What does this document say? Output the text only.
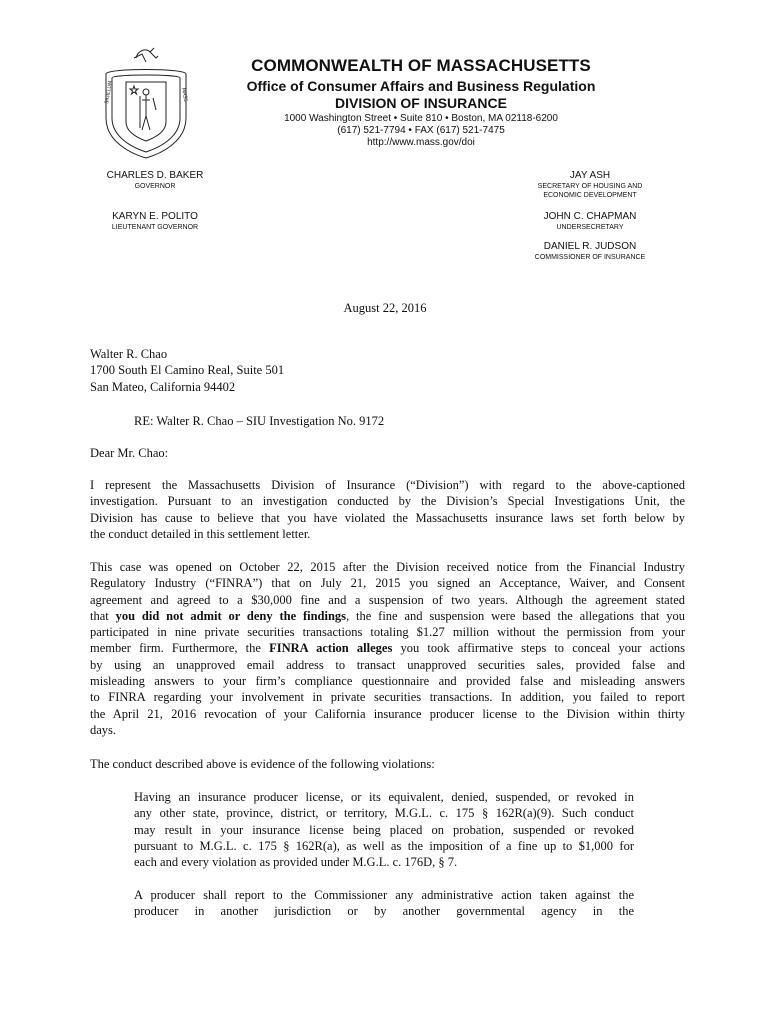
SIGILLUM	MASS
COMMONWEALTH OF MASSACHUSETTS
Office of Consumer Affairs and Business Regulation
DIVISION OF INSURANCE
1000 Washington Street • Suite 810 • Boston, MA 02118-6200
(617) 521-7794 • FAX (617) 521-7475
http://www.mass.gov/doi
CHARLES D. BAKER
GOVERNOR
KARYN E. POLITO
LIEUTENANT GOVERNOR
JAY ASH
SECRETARY OF HOUSING AND
ECONOMIC DEVELOPMENT
JOHN C. CHAPMAN
UNDERSECRETARY
DANIEL R. JUDSON
COMMISSIONER OF INSURANCE
August 22, 2016
Walter R. Chao
1700 South El Camino Real, Suite 501
San Mateo, California 94402
RE: Walter R. Chao – SIU Investigation No. 9172
Dear Mr. Chao:
I represent the Massachusetts Division of Insurance (“Division”) with regard to the above-captioned
investigation. Pursuant to an investigation conducted by the Division’s Special Investigations Unit, the
Division has cause to believe that you have violated the Massachusetts insurance laws set forth below by
the conduct detailed in this settlement letter.
This case was opened on October 22, 2015 after the Division received notice from the Financial Industry
Regulatory Industry (“FINRA”) that on July 21, 2015 you signed an Acceptance, Waiver, and Consent
agreement and agreed to a $30,000 fine and a suspension of two years. Although the agreement stated
that you did not admit or deny the findings, the fine and suspension were based the allegations that you
participated in nine private securities transactions totaling $1.27 million without the permission from your
member firm. Furthermore, the FINRA action alleges you took affirmative steps to conceal your actions
by using an unapproved email address to transact unapproved securities sales, provided false and
misleading answers to your firm’s compliance questionnaire and provided false and misleading answers
to FINRA regarding your involvement in private securities transactions. In addition, you failed to report
the April 21, 2016 revocation of your California insurance producer license to the Division within thirty
days.
The conduct described above is evidence of the following violations:
Having an insurance producer license, or its equivalent, denied, suspended, or revoked in
any other state, province, district, or territory, M.G.L. c. 175 § 162R(a)(9). Such conduct
may result in your insurance license being placed on probation, suspended or revoked
pursuant to M.G.L. c. 175 § 162R(a), as well as the imposition of a fine up to $1,000 for
each and every violation as provided under M.G.L. c. 176D, § 7.
A producer shall report to the Commissioner any administrative action taken against the
producer in another jurisdiction or by another governmental agency in the
